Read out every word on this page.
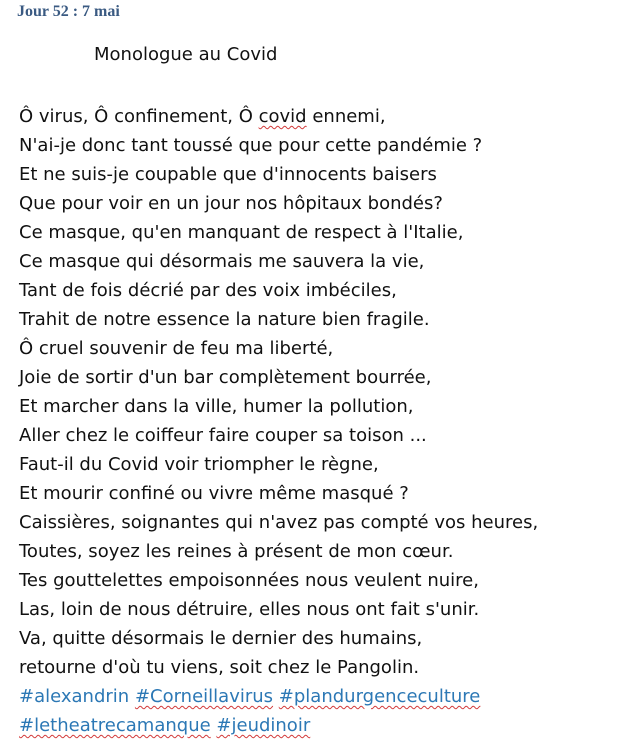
Jour 52 : 7 mai
Monologue au Covid
Ô virus, Ô confinement, Ô covid ennemi,
N'ai-je donc tant toussé que pour cette pandémie ?
Et ne suis-je coupable que d'innocents baisers
Que pour voir en un jour nos hôpitaux bondés?
Ce masque, qu'en manquant de respect à l'Italie,
Ce masque qui désormais me sauvera la vie,
Tant de fois décrié par des voix imbéciles,
Trahit de notre essence la nature bien fragile.
Ô cruel souvenir de feu ma liberté,
Joie de sortir d'un bar complètement bourrée,
Et marcher dans la ville, humer la pollution,
Aller chez le coiffeur faire couper sa toison ...
Faut-il du Covid voir triompher le règne,
Et mourir confiné ou vivre même masqué ?
Caissières, soignantes qui n'avez pas compté vos heures,
Toutes, soyez les reines à présent de mon cœur.
Tes gouttelettes empoisonnées nous veulent nuire,
Las, loin de nous détruire, elles nous ont fait s'unir.
Va, quitte désormais le dernier des humains,
retourne d'où tu viens, soit chez le Pangolin.
#alexandrin #Corneillavirus #plandurgenceculture
#letheatrecamanque #jeudinoir
